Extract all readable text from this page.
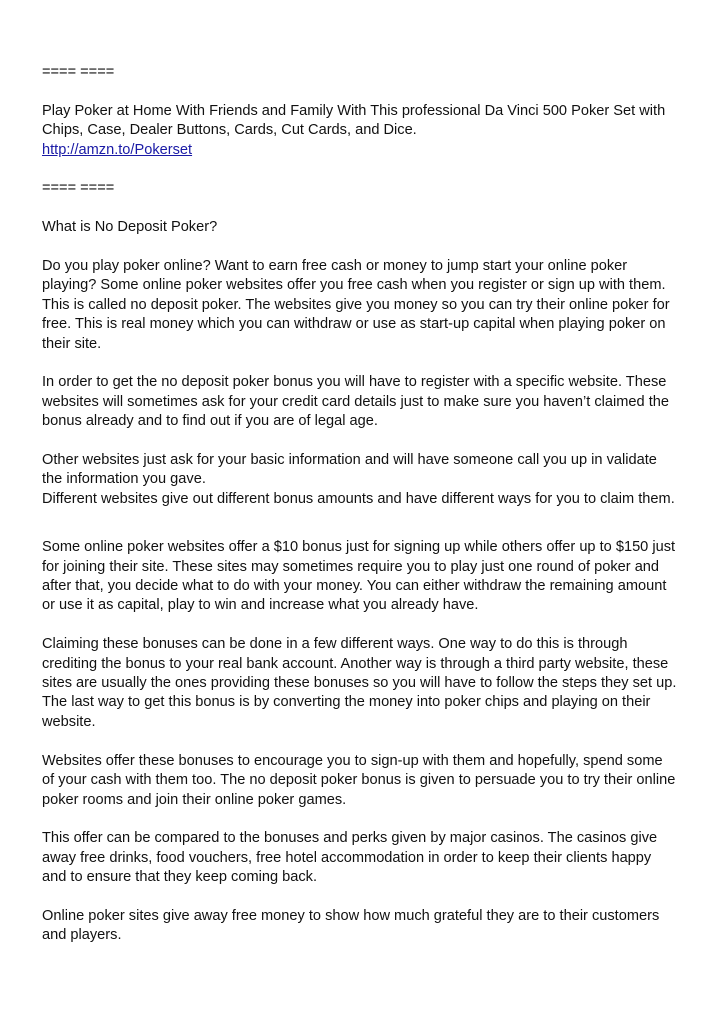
==== ====

Play Poker at Home With Friends and Family With This professional Da Vinci 500 Poker Set with
Chips, Case, Dealer Buttons, Cards, Cut Cards, and Dice.

http://amzn.to/Pokerset

==== ====

What is No Deposit Poker?

Do you play poker online? Want to earn free cash or money to jump start your online poker
playing? Some online poker websites offer you free cash when you register or sign up with them.
This is called no deposit poker. The websites give you money so you can try their online poker for
free. This is real money which you can withdraw or use as start-up capital when playing poker on
their site.

In order to get the no deposit poker bonus you will have to register with a specific website. These
websites will sometimes ask for your credit card details just to make sure you haven’t claimed the
bonus already and to find out if you are of legal age.

Other websites just ask for your basic information and will have someone call you up in validate
the information you gave.

Different websites give out different bonus amounts and have different ways for you to claim them.

Some online poker websites offer a $10 bonus just for signing up while others offer up to $150 just
for joining their site. These sites may sometimes require you to play just one round of poker and
after that, you decide what to do with your money. You can either withdraw the remaining amount
or use it as capital, play to win and increase what you already have.

Claiming these bonuses can be done in a few different ways. One way to do this is through
crediting the bonus to your real bank account. Another way is through a third party website, these
sites are usually the ones providing these bonuses so you will have to follow the steps they set up.
The last way to get this bonus is by converting the money into poker chips and playing on their
website.

Websites offer these bonuses to encourage you to sign-up with them and hopefully, spend some
of your cash with them too. The no deposit poker bonus is given to persuade you to try their online
poker rooms and join their online poker games.

This offer can be compared to the bonuses and perks given by major casinos. The casinos give
away free drinks, food vouchers, free hotel accommodation in order to keep their clients happy
and to ensure that they keep coming back.

Online poker sites give away free money to show how much grateful they are to their customers
and players.
